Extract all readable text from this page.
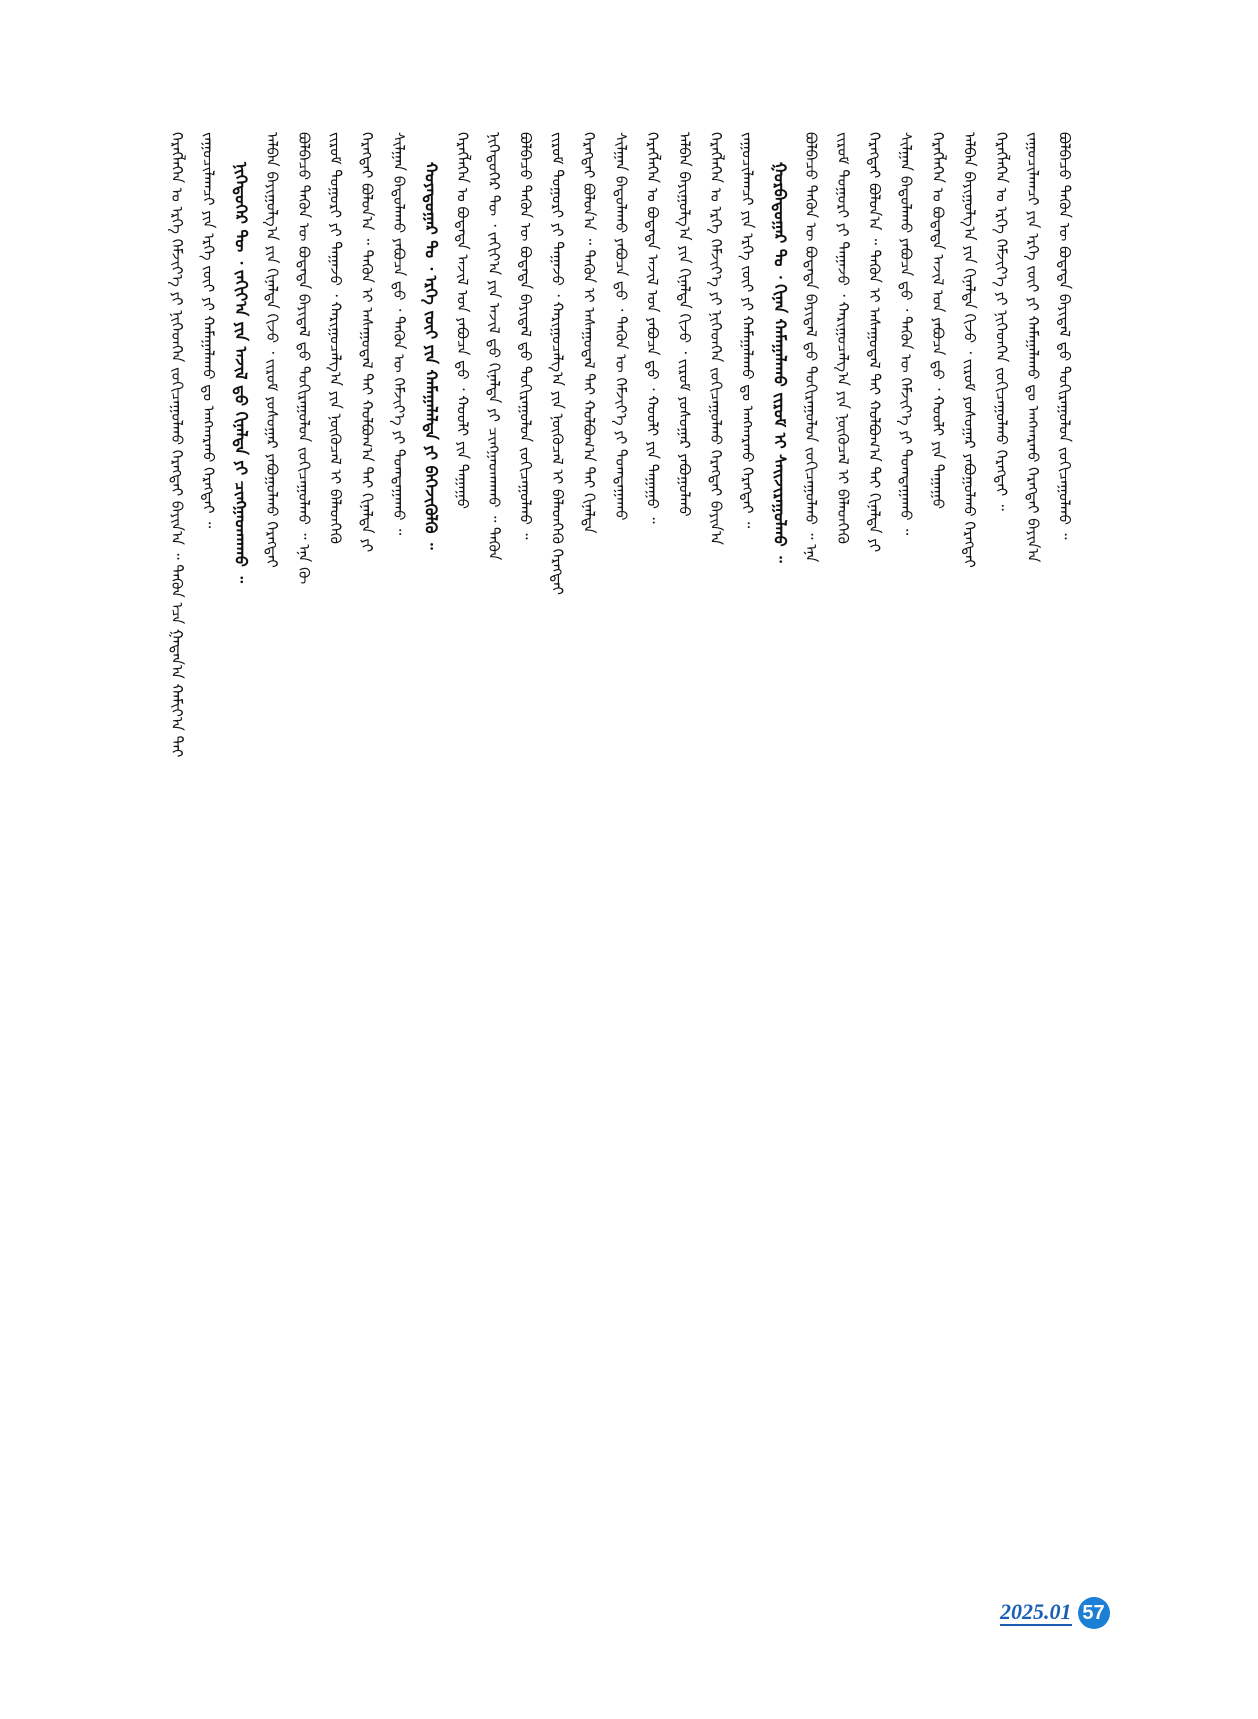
ᠬᠡᠷᠡᠭᠯᠡᠭᠡᠨ ᠤ ᠡᠷᠬᠡ ᠬᠡᠮᠵᠢᠶ᠎ᠡ ᠶᠢ ᠨᠢᠭᠡᠳᠬᠡᠨ ᠵᠤᠬᠢᠴᠠᠭᠤᠯᠬᠤ ᠬᠡᠷᠡᠭᠲᠡᠢ ᠪᠠᠶᠢᠨ᠎ᠠ ᠃ ᠲᠡᠭᠦᠨ ᠡᠴᠡ ᠭᠠᠳᠠᠨ᠎ᠠ ᠬᠠᠮᠢᠶ᠎ᠠ ᠲᠠᠢ ᠵᠠᠭᠤᠴᠢᠯᠠᠭᠴᠢ ᠶᠢᠨ ᠡᠷᠬᠡ ᠵᠦᠢ ᠶᠢ ᠬᠠᠮᠠᠭᠠᠯᠠᠬᠤ ᠳᠤ ᠠᠩᠬᠠᠷᠬᠤ ᠬᠡᠷᠡᠭᠲᠡᠢ ᠃ ᠨᠢᠭᠡᠳᠦᠭᠡᠷ ᠲᠦ ᠂ ᠵᠠᠬᠢᠶ᠎ᠠ ᠶᠢᠨ ᠠᠵᠢᠯ ᠳ᠋ᠤ ᠬᠢᠨᠠᠯᠲᠠ ᠶᠢ ᠴᠢᠩᠭᠠᠳᠬᠠᠬᠤ ᠃ ᠠᠯᠪᠠᠨ ᠪᠠᠶᠢᠭᠤᠯᠭ᠎ᠠ ᠶᠢᠨ ᠬᠢᠨᠠᠯᠲᠠ ᠬᠢᠵᠦ ᠂ ᠵᠢᠷᠤᠮ ᠶᠣᠰᠣᠭᠠᠷ ᠶᠠᠪᠤᠭᠤᠯᠬᠤ ᠬᠡᠷᠡᠭᠲᠡᠢ ᠪᠣᠯᠪᠠᠴᠤ ᠲᠡᠭᠦᠨ ᠦ ᠪᠣᠳᠠᠳᠠ ᠪᠠᠶᠢᠳᠠᠯ ᠳ᠋ᠤ ᠲᠣᠬᠢᠷᠠᠭᠤᠯᠤᠨ ᠵᠣᠬᠢᠴᠠᠭᠤᠯᠬᠤ ᠃ ᠡᠨᠡ ᠬᠦ ᠵᠢᠷᠤᠮ ᠲᠤᠭᠤᠷᠢ ᠶᠢ ᠳᠠᠭᠠᠵᠤ ᠂ ᠬᠠᠷᠢᠭᠤᠴᠠᠯᠭ᠎ᠠ ᠶᠢᠨ ᠨᠥᠬᠦᠴᠡᠯ ᠢ ᠪᠡᠯᠡᠳᠬᠡᠬᠦ ᠬᠡᠷᠡᠭᠲᠡᠢ ᠪᠣᠯᠤᠨ᠎ᠠ ᠃ ᠲᠡᠭᠦᠨ ᠢ ᠠᠰᠠᠭᠤᠳᠠᠯ ᠲᠠᠢ ᠬᠣᠯᠪᠣᠭ᠎ᠠ ᠲᠠᠢ ᠬᠢᠨᠠᠯᠲᠠ ᠶᠢ ᠰᠢᠯᠭᠠᠨ ᠪᠠᠲᠤᠯᠠᠬᠤ ᠶᠠᠪᠤᠴᠠ ᠳ᠋ᠤ ᠂ ᠲᠡᠭᠦᠨ ᠦ ᠬᠡᠮᠵᠢᠶ᠎ᠡ ᠶᠢ ᠲᠣᠭᠲᠠᠭᠠᠬᠤ ᠃ ᠬᠣᠶᠠᠳᠤᠭᠠᠷ ᠲᠤ ᠂ ᠡᠷᠬᠡ ᠵᠦᠢ ᠶᠢᠨ ᠬᠠᠮᠠᠭᠠᠯᠠᠯᠲᠠ ᠶᠢ ᠪᠡᠬᠡᠵᠢᠭᠦᠯᠬᠦ ᠃ ᠬᠡᠷᠡᠭᠯᠡᠭᠡᠨ ᠤ ᠪᠣᠳᠠᠳᠠ ᠠᠵᠢᠯ ᠤᠨ ᠶᠠᠪᠤᠴᠠ ᠳ᠋ᠤ ᠂ ᠬᠤᠤᠯᠢ ᠶᠢᠨ ᠳᠠᠭᠠᠭᠤ ᠨᠢᠭᠡᠳᠦᠭᠡᠷ ᠲᠦ ᠂ ᠵᠠᠬᠢᠶ᠎ᠠ ᠶᠢᠨ ᠠᠵᠢᠯ ᠳ᠋ᠤ ᠬᠢᠨᠠᠯᠲᠠ ᠶᠢ ᠴᠢᠩᠭᠠᠳᠬᠠᠬᠤ ᠃ ᠲᠡᠭᠦᠨ ᠪᠣᠯᠪᠠᠴᠤ ᠲᠡᠭᠦᠨ ᠦ ᠪᠣᠳᠠᠳᠠ ᠪᠠᠶᠢᠳᠠᠯ ᠳ᠋ᠤ ᠲᠣᠬᠢᠷᠠᠭᠤᠯᠤᠨ ᠵᠣᠬᠢᠴᠠᠭᠤᠯᠬᠤ ᠃ ᠵᠢᠷᠤᠮ ᠲᠤᠭᠤᠷᠢ ᠶᠢ ᠳᠠᠭᠠᠵᠤ ᠂ ᠬᠠᠷᠢᠭᠤᠴᠠᠯᠭ᠎ᠠ ᠶᠢᠨ ᠨᠥᠬᠦᠴᠡᠯ ᠢ ᠪᠡᠯᠡᠳᠬᠡᠬᠦ ᠬᠡᠷᠡᠭᠲᠡᠢ ᠬᠡᠷᠡᠭᠲᠡᠢ ᠪᠣᠯᠤᠨ᠎ᠠ ᠃ ᠲᠡᠭᠦᠨ ᠢ ᠠᠰᠠᠭᠤᠳᠠᠯ ᠲᠠᠢ ᠬᠣᠯᠪᠣᠭ᠎ᠠ ᠲᠠᠢ ᠬᠢᠨᠠᠯᠲᠠ ᠰᠢᠯᠭᠠᠨ ᠪᠠᠲᠤᠯᠠᠬᠤ ᠶᠠᠪᠤᠴᠠ ᠳ᠋ᠤ ᠂ ᠲᠡᠭᠦᠨ ᠦ ᠬᠡᠮᠵᠢᠶ᠎ᠡ ᠶᠢ ᠲᠣᠭᠲᠠᠭᠠᠬᠤ ᠬᠡᠷᠡᠭᠯᠡᠭᠡᠨ ᠤ ᠪᠣᠳᠠᠳᠠ ᠠᠵᠢᠯ ᠤᠨ ᠶᠠᠪᠤᠴᠠ ᠳ᠋ᠤ ᠂ ᠬᠤᠤᠯᠢ ᠶᠢᠨ ᠳᠠᠭᠠᠭᠤ ᠃ ᠠᠯᠪᠠᠨ ᠪᠠᠶᠢᠭᠤᠯᠭ᠎ᠠ ᠶᠢᠨ ᠬᠢᠨᠠᠯᠲᠠ ᠬᠢᠵᠦ ᠂ ᠵᠢᠷᠤᠮ ᠶᠣᠰᠣᠭᠠᠷ ᠶᠠᠪᠤᠭᠤᠯᠬᠤ ᠬᠡᠷᠡᠭᠯᠡᠭᠡᠨ ᠤ ᠡᠷᠬᠡ ᠬᠡᠮᠵᠢᠶ᠎ᠡ ᠶᠢ ᠨᠢᠭᠡᠳᠬᠡᠨ ᠵᠤᠬᠢᠴᠠᠭᠤᠯᠬᠤ ᠬᠡᠷᠡᠭᠲᠡᠢ ᠪᠠᠶᠢᠨ᠎ᠠ ᠵᠠᠭᠤᠴᠢᠯᠠᠭᠴᠢ ᠶᠢᠨ ᠡᠷᠬᠡ ᠵᠦᠢ ᠶᠢ ᠬᠠᠮᠠᠭᠠᠯᠠᠬᠤ ᠳᠤ ᠠᠩᠬᠠᠷᠬᠤ ᠬᠡᠷᠡᠭᠲᠡᠢ ᠃ ᠭᠤᠷᠪᠠᠳᠤᠭᠠᠷ ᠲᠤ ᠂ ᠬᠢᠨᠠᠨ ᠬᠠᠮᠠᠭᠠᠯᠠᠬᠤ ᠵᠢᠷᠤᠮ ᠢ ᠰᠠᠢᠵᠢᠷᠠᠭᠤᠯᠬᠤ ᠃ ᠪᠣᠯᠪᠠᠴᠤ ᠲᠡᠭᠦᠨ ᠦ ᠪᠣᠳᠠᠳᠠ ᠪᠠᠶᠢᠳᠠᠯ ᠳ᠋ᠤ ᠲᠣᠬᠢᠷᠠᠭᠤᠯᠤᠨ ᠵᠣᠬᠢᠴᠠᠭᠤᠯᠬᠤ ᠃ ᠡᠨᠡ ᠵᠢᠷᠤᠮ ᠲᠤᠭᠤᠷᠢ ᠶᠢ ᠳᠠᠭᠠᠵᠤ ᠂ ᠬᠠᠷᠢᠭᠤᠴᠠᠯᠭ᠎ᠠ ᠶᠢᠨ ᠨᠥᠬᠦᠴᠡᠯ ᠢ ᠪᠡᠯᠡᠳᠬᠡᠬᠦ ᠬᠡᠷᠡᠭᠲᠡᠢ ᠪᠣᠯᠤᠨ᠎ᠠ ᠃ ᠲᠡᠭᠦᠨ ᠢ ᠠᠰᠠᠭᠤᠳᠠᠯ ᠲᠠᠢ ᠬᠣᠯᠪᠣᠭ᠎ᠠ ᠲᠠᠢ ᠬᠢᠨᠠᠯᠲᠠ ᠶᠢ ᠰᠢᠯᠭᠠᠨ ᠪᠠᠲᠤᠯᠠᠬᠤ ᠶᠠᠪᠤᠴᠠ ᠳ᠋ᠤ ᠂ ᠲᠡᠭᠦᠨ ᠦ ᠬᠡᠮᠵᠢᠶ᠎ᠡ ᠶᠢ ᠲᠣᠭᠲᠠᠭᠠᠬᠤ ᠃ ᠬᠡᠷᠡᠭᠯᠡᠭᠡᠨ ᠤ ᠪᠣᠳᠠᠳᠠ ᠠᠵᠢᠯ ᠤᠨ ᠶᠠᠪᠤᠴᠠ ᠳ᠋ᠤ ᠂ ᠬᠤᠤᠯᠢ ᠶᠢᠨ ᠳᠠᠭᠠᠭᠤ ᠠᠯᠪᠠᠨ ᠪᠠᠶᠢᠭᠤᠯᠭ᠎ᠠ ᠶᠢᠨ ᠬᠢᠨᠠᠯᠲᠠ ᠬᠢᠵᠦ ᠂ ᠵᠢᠷᠤᠮ ᠶᠣᠰᠣᠭᠠᠷ ᠶᠠᠪᠤᠭᠤᠯᠬᠤ ᠬᠡᠷᠡᠭᠲᠡᠢ ᠬᠡᠷᠡᠭᠯᠡᠭᠡᠨ ᠤ ᠡᠷᠬᠡ ᠬᠡᠮᠵᠢᠶ᠎ᠡ ᠶᠢ ᠨᠢᠭᠡᠳᠬᠡᠨ ᠵᠤᠬᠢᠴᠠᠭᠤᠯᠬᠤ ᠬᠡᠷᠡᠭᠲᠡᠢ ᠃ ᠵᠠᠭᠤᠴᠢᠯᠠᠭᠴᠢ ᠶᠢᠨ ᠡᠷᠬᠡ ᠵᠦᠢ ᠶᠢ ᠬᠠᠮᠠᠭᠠᠯᠠᠬᠤ ᠳᠤ ᠠᠩᠬᠠᠷᠬᠤ ᠬᠡᠷᠡᠭᠲᠡᠢ ᠪᠠᠶᠢᠨ᠎ᠠ ᠪᠣᠯᠪᠠᠴᠤ ᠲᠡᠭᠦᠨ ᠦ ᠪᠣᠳᠠᠳᠠ ᠪᠠᠶᠢᠳᠠᠯ ᠳ᠋ᠤ ᠲᠣᠬᠢᠷᠠᠭᠤᠯᠤᠨ ᠵᠣᠬᠢᠴᠠᠭᠤᠯᠬᠤ ᠃
2025.01 57
